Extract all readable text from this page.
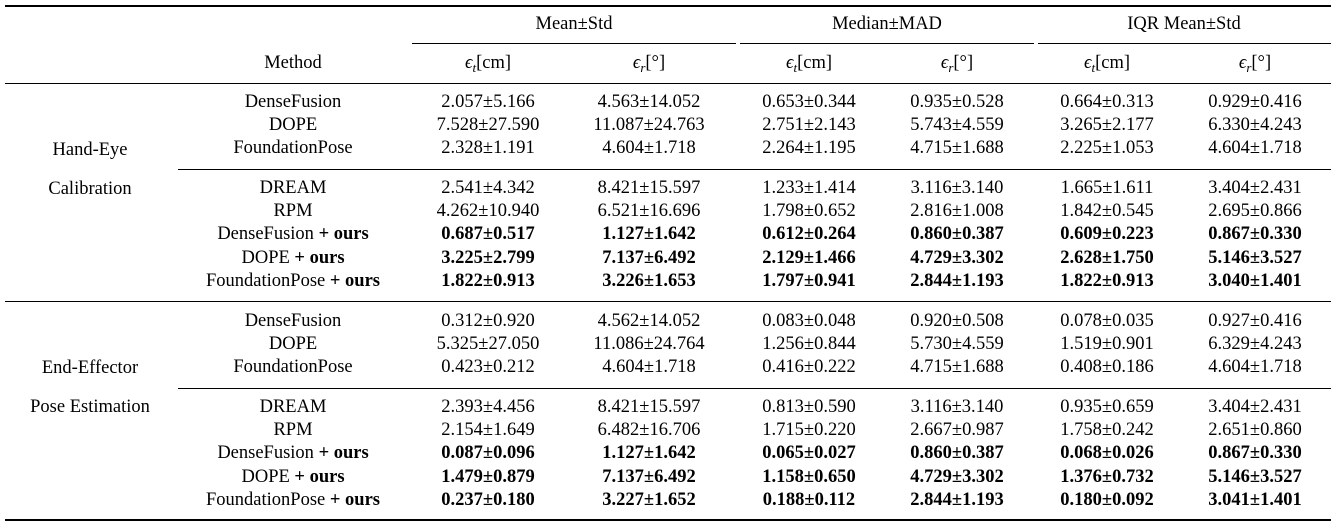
Mean±Std	Median±MAD	IQR Mean±Std
Method	$\epsilon_t[cm]$	$\epsilon_r[^\circ]$	$\epsilon_t[cm]$	$\epsilon_r[^\circ]$	$\epsilon_t[cm]$	$\epsilon_r[^\circ]$
Hand-Eye
Calibration
DenseFusion	2.057±5.166	4.563±14.052	0.653±0.344	0.935±0.528	0.664±0.313	0.929±0.416
DOPE	7.528±27.590	11.087±24.763	2.751±2.143	5.743±4.559	3.265±2.177	6.330±4.243
FoundationPose	2.328±1.191	4.604±1.718	2.264±1.195	4.715±1.688	2.225±1.053	4.604±1.718
DREAM	2.541±4.342	8.421±15.597	1.233±1.414	3.116±3.140	1.665±1.611	3.404±2.431
RPM	4.262±10.940	6.521±16.696	1.798±0.652	2.816±1.008	1.842±0.545	2.695±0.866
DenseFusion + ours	0.687±0.517	1.127±1.642	0.612±0.264	0.860±0.387	0.609±0.223	0.867±0.330
DOPE + ours	3.225±2.799	7.137±6.492	2.129±1.466	4.729±3.302	2.628±1.750	5.146±3.527
FoundationPose + ours	1.822±0.913	3.226±1.653	1.797±0.941	2.844±1.193	1.822±0.913	3.040±1.401
End-Effector
Pose Estimation
DenseFusion	0.312±0.920	4.562±14.052	0.083±0.048	0.920±0.508	0.078±0.035	0.927±0.416
DOPE	5.325±27.050	11.086±24.764	1.256±0.844	5.730±4.559	1.519±0.901	6.329±4.243
FoundationPose	0.423±0.212	4.604±1.718	0.416±0.222	4.715±1.688	0.408±0.186	4.604±1.718
DREAM	2.393±4.456	8.421±15.597	0.813±0.590	3.116±3.140	0.935±0.659	3.404±2.431
RPM	2.154±1.649	6.482±16.706	1.715±0.220	2.667±0.987	1.758±0.242	2.651±0.860
DenseFusion + ours	0.087±0.096	1.127±1.642	0.065±0.027	0.860±0.387	0.068±0.026	0.867±0.330
DOPE + ours	1.479±0.879	7.137±6.492	1.158±0.650	4.729±3.302	1.376±0.732	5.146±3.527
FoundationPose + ours	0.237±0.180	3.227±1.652	0.188±0.112	2.844±1.193	0.180±0.092	3.041±1.401
